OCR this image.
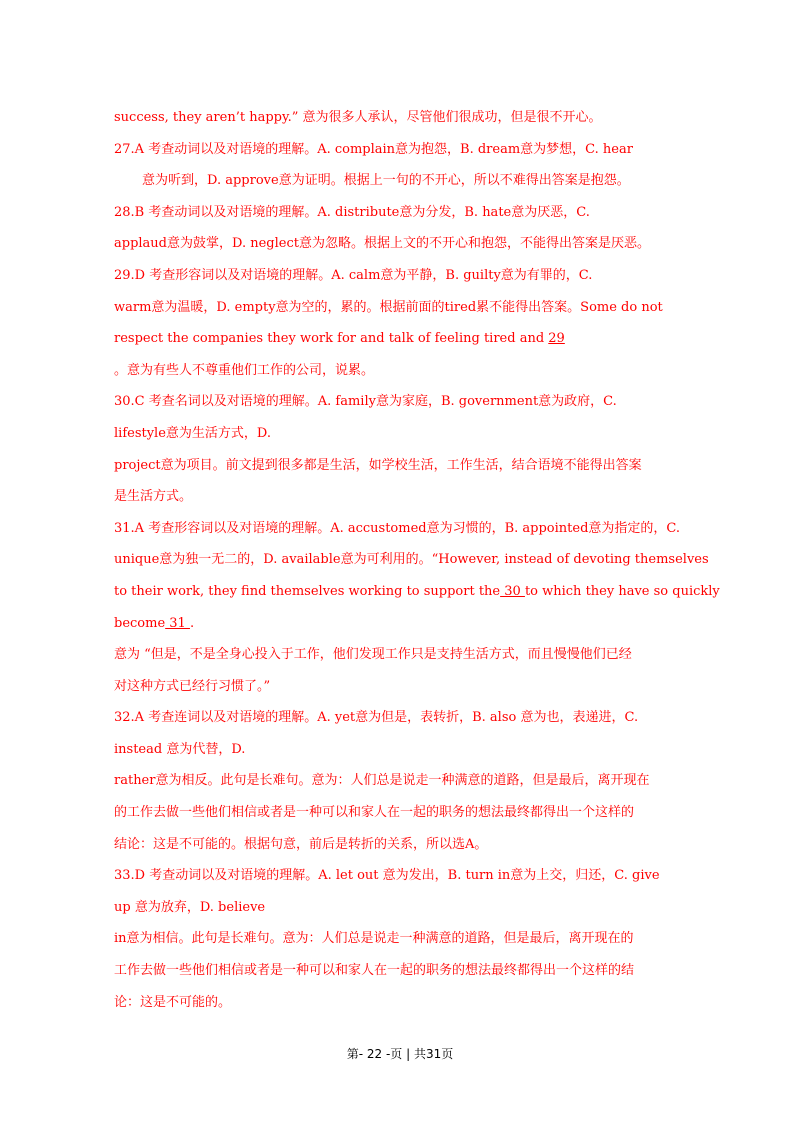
success, they aren’t happy.” 意为很多人承认，尽管他们很成功，但是很不开心。
27.A 考查动词以及对语境的理解。A. complain意为抱怨，B. dream意为梦想，C. hear
意为听到，D. approve意为证明。根据上一句的不开心，所以不难得出答案是抱怨。
28.B 考查动词以及对语境的理解。A. distribute意为分发，B. hate意为厌恶，C.
applaud意为鼓掌，D. neglect意为忽略。根据上文的不开心和抱怨，不能得出答案是厌恶。
29.D 考查形容词以及对语境的理解。A. calm意为平静，B. guilty意为有罪的，C.
warm意为温暖，D. empty意为空的，累的。根据前面的tired累不能得出答案。Some do not
respect the companies they work for and talk of feeling tired and 29
。意为有些人不尊重他们工作的公司，说累。
30.C 考查名词以及对语境的理解。A. family意为家庭，B. government意为政府，C.
lifestyle意为生活方式，D.
project意为项目。前文提到很多都是生活，如学校生活，工作生活，结合语境不能得出答案
是生活方式。
31.A 考查形容词以及对语境的理解。A. accustomed意为习惯的，B. appointed意为指定的，C.
unique意为独一无二的，D. available意为可利用的。“However, instead of devoting themselves
to their work, they find themselves working to support the 30 to which they have so quickly
become 31 .
意为 “但是，不是全身心投入于工作，他们发现工作只是支持生活方式，而且慢慢他们已经
对这种方式已经行习惯了。”
32.A 考查连词以及对语境的理解。A. yet意为但是，表转折，B. also 意为也，表递进，C.
instead 意为代替，D.
rather意为相反。此句是长难句。意为：人们总是说走一种满意的道路，但是最后，离开现在
的工作去做一些他们相信或者是一种可以和家人在一起的职务的想法最终都得出一个这样的
结论：这是不可能的。根据句意，前后是转折的关系，所以选A。
33.D 考查动词以及对语境的理解。A. let out 意为发出，B. turn in意为上交，归还，C. give
up 意为放弃，D. believe
in意为相信。此句是长难句。意为：人们总是说走一种满意的道路，但是最后，离开现在的
工作去做一些他们相信或者是一种可以和家人在一起的职务的想法最终都得出一个这样的结
论：这是不可能的。
第- 22 -页 | 共31页
